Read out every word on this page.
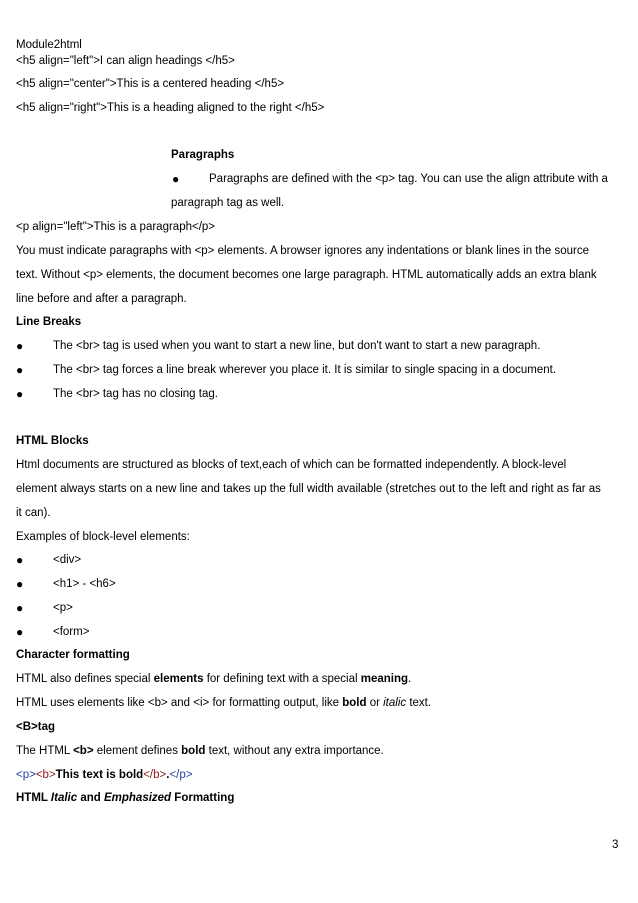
Module2html
<h5 align="left">I can align headings </h5>
<h5 align="center">This is a centered heading </h5>
<h5 align="right">This is a heading aligned to the right </h5>
Paragraphs
●	Paragraphs are defined with the <p> tag. You can use the align attribute with a
paragraph tag as well.
<p align="left">This is a paragraph</p>
You must indicate paragraphs with <p> elements. A browser ignores any indentations or blank lines in the source
text. Without <p> elements, the document becomes one large paragraph. HTML automatically adds an extra blank
line before and after a paragraph.
Line Breaks
●	The <br> tag is used when you want to start a new line, but don't want to start a new paragraph.
●	The <br> tag forces a line break wherever you place it. It is similar to single spacing in a document.
●	The <br> tag has no closing tag.
HTML Blocks
Html documents are structured as blocks of text,each of which can be formatted independently. A block-level
element always starts on a new line and takes up the full width available (stretches out to the left and right as far as
it can).
Examples of block-level elements:
●	<div>
●	<h1> - <h6>
●	<p>
●	<form>
Character formatting
HTML also defines special elements for defining text with a special meaning.
HTML uses elements like <b> and <i> for formatting output, like bold or italic text.
<B>tag
The HTML <b> element defines bold text, without any extra importance.
<p><b>This text is bold</b>.</p>
HTML Italic and Emphasized Formatting
3
